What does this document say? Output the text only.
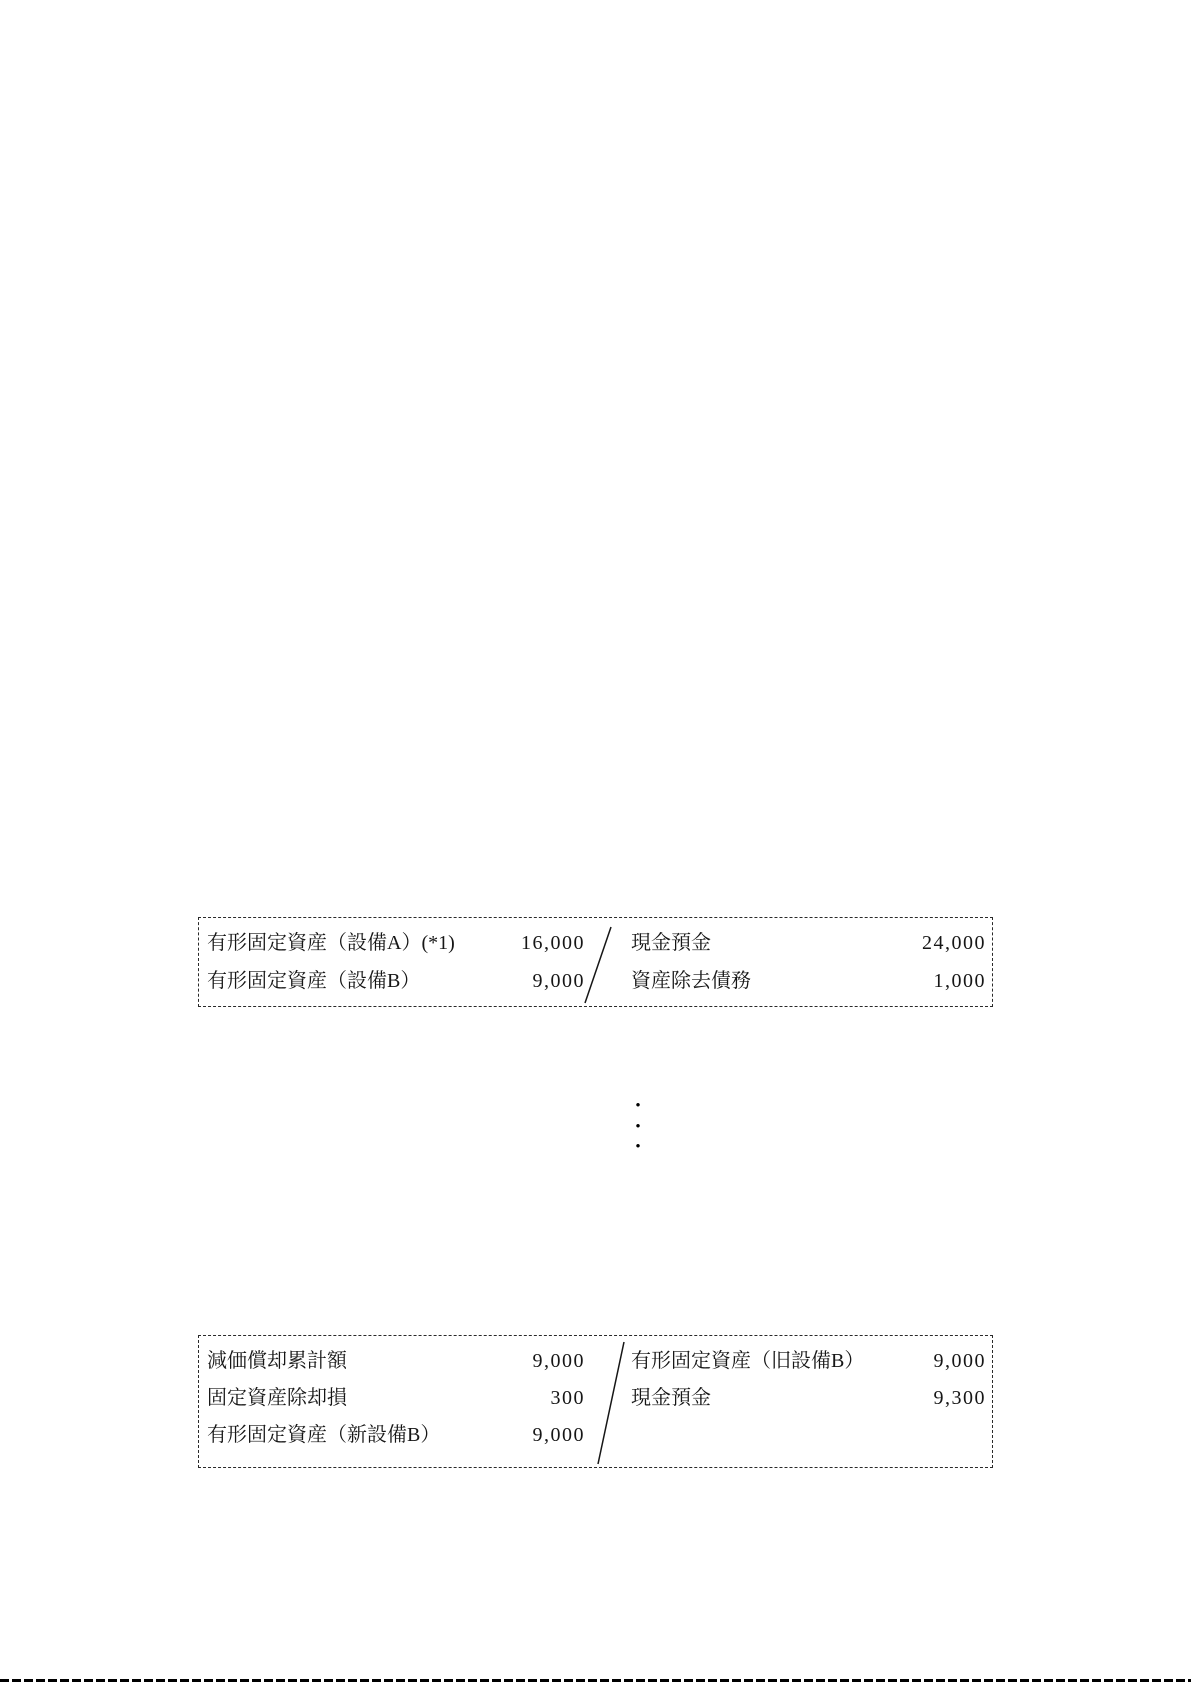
有形固定資産（設備A）(*1)	16,000 現金預金	24,000
有形固定資産（設備B）	9,000 資産除去債務	1,000
•
•
•
減価償却累計額	9,000 有形固定資産（旧設備B）	9,000
固定資産除却損	300 現金預金	9,300
有形固定資産（新設備B）	9,000
